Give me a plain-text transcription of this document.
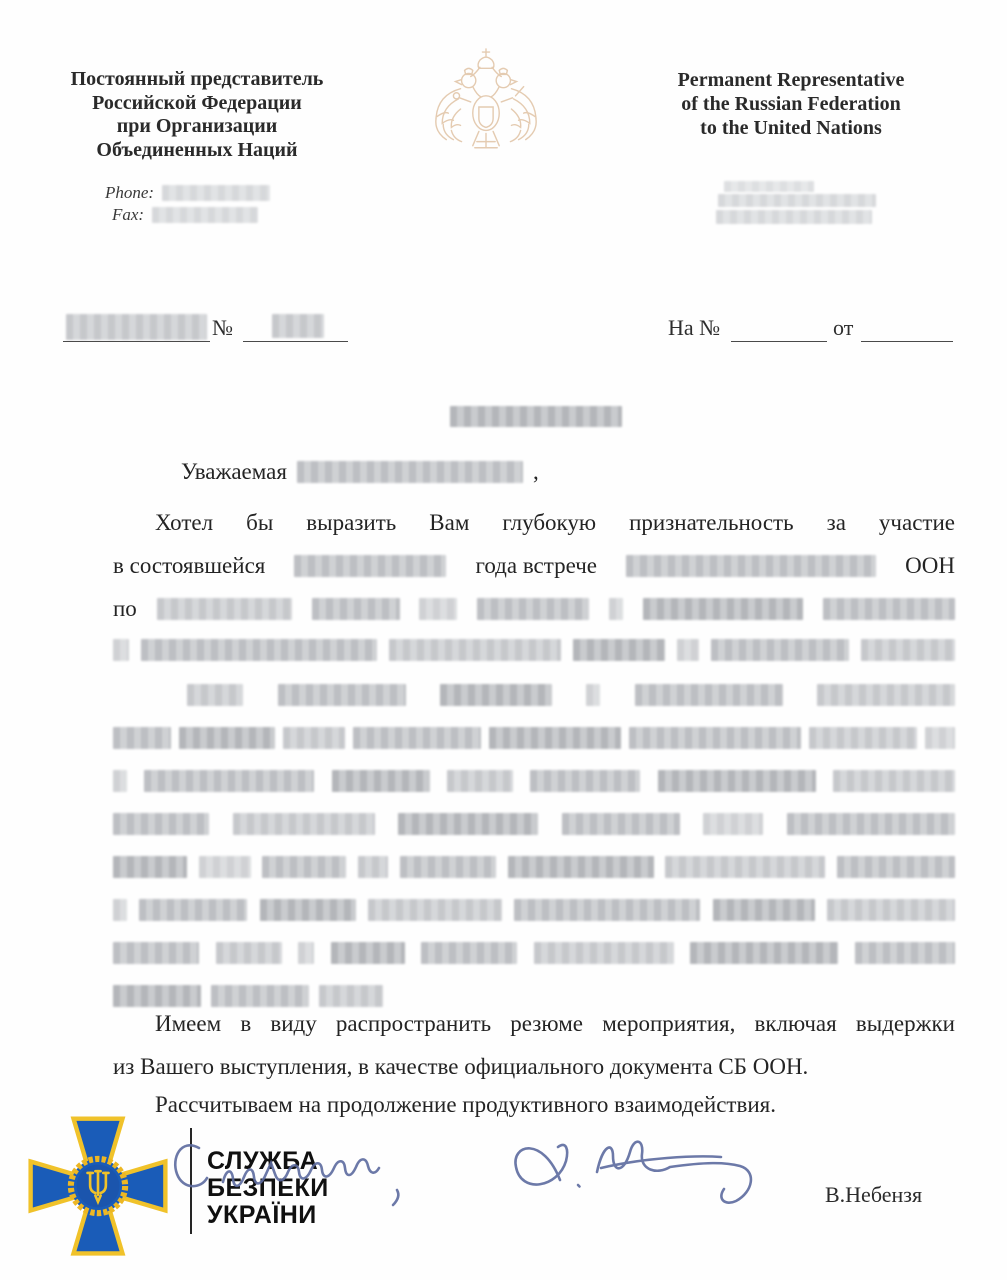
Постоянный представитель
Российской Федерации
при Организации
Объединенных Наций
Permanent Representative
of the Russian Federation
to the United Nations
Phone:
Fax:
№	На №	от
Уважаемая	,
Хотел бы выразить Вам глубокую признательность за участие
в состоявшейся	года встрече	ООН
по
Имеем в виду распространить резюме мероприятия, включая выдержки
из Вашего выступления, в качестве официального документа СБ ООН.
Рассчитываем на продолжение продуктивного взаимодействия.
СЛУЖБА
БЕЗПЕКИ
УКРАЇНИ
В.Небензя
